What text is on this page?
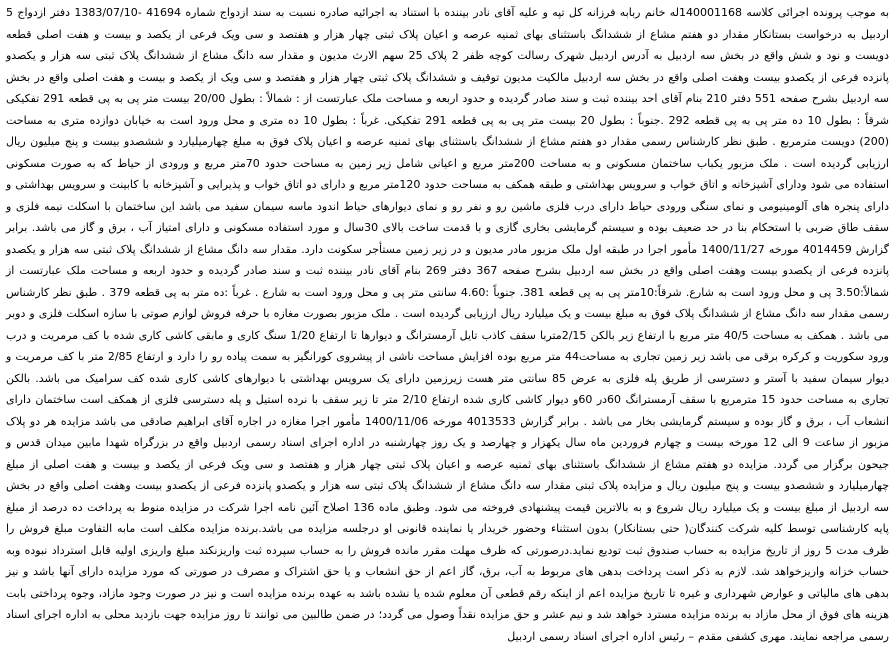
به موجب پرونده اجرائی کلاسه 140001168له خانم ربابه فرزانه کل تپه و علیه آقای نادر بیننده با استناد به اجرائیه صادره نسبت به سند ازدواج شماره 41694 -1383/07/10 دفتر ازدواج 5 اردبیل به درخواست بستانکار مقدار دو هفتم مشاع از ششدانگ باستثنای بهای ثمنیه عرصه و اعیان پلاک ثبتی چهار هزار و هفتصد و سی ویک فرعی از یکصد و بیست و هفت اصلی قطعه دویست و نود و شش واقع در بخش سه اردبیل به آدرس اردبیل شهرک رسالت کوچه ظفر 2 پلاک 25 سهم الارث مدیون و مقدار سه دانگ مشاع از ششدانگ پلاک ثبتی سه هزار و یکصدو پانزده فرعی از یکصدو بیست وهفت اصلی واقع در بخش سه اردبیل مالکیت مدیون توقیف و ششدانگ پلاک ثبتی چهار هزار و هفتصد و سی ویک از یکصد و بیست و هفت اصلی واقع در بخش سه اردبیل بشرح صفحه 551 دفتر 210 بنام آقای احد بیننده ثبت و سند صادر گردیده و حدود اربعه و مساحت ملک عبارتست از : شمالاً : بطول 20/00 بیست متر پی به پی قطعه 291 تفکیکی شرقاً : بطول 10 ده متر پی به پی قطعه 292 .جنوباً : بطول 20 بیست متر پی به پی قطعه 291 تفکیکی. غرباً : بطول 10 ده متری و محل ورود است به خیابان دوازده متری به مساحت (200) دویست مترمربع . طبق نظر کارشناس رسمی مقدار دو هفتم مشاع از ششدانگ باستثنای بهای ثمنیه عرصه و اعیان پلاک فوق به مبلغ چهارمیلیارد و ششصدو بیست و پنج میلیون ریال ارزیابی گردیده است . ملک مزبور یکباب ساختمان مسکونی و به مساحت 200متر مربع و اعیانی شامل زیر زمین به مساحت حدود 70متر مربع و ورودی از حیاط که به صورت مسکونی استفاده می شود ودارای آشپزخانه و اتاق خواب و سرویس بهداشتی و طبقه همکف به مساحت حدود 120متر مربع و دارای دو اتاق خواب و پذیرایی و آشپزخانه با کابینت و سرویس بهداشتی و دارای پنجره های آلومینیومی و نمای سنگی ورودی حیاط دارای درب فلزی ماشین رو و نفر رو و نمای دیوارهای حیاط اندود ماسه سیمان سفید می باشد این ساختمان با اسکلت نیمه فلزی و سقف طاق ضربی با استحکام بنا در حد ضعیف بوده و سیستم گرمایشی بخاری گازی و با قدمت ساخت بالای 30سال و مورد استفاده مسکونی و دارای امتیاز آب ، برق و گاز می باشد. برابر گزارش 4014459 مورخه 1400/11/27 مأمور اجرا در طبقه اول ملک مزبور مادر مدیون و در زیر زمین مستأجر سکونت دارد. مقدار سه دانگ مشاع از ششدانگ پلاک ثبتی سه هزار و یکصدو پانزده فرعی از یکصدو بیست وهفت اصلی واقع در بخش سه اردبیل بشرح صفحه 367 دفتر 269 بنام آقای نادر بیننده ثبت و سند صادر گردیده و حدود اربعه و مساحت ملک عبارتست از شمالاً:3.50 پی و محل ورود است به شارع. شرقاً:10متر پی به پی قطعه 381. جنوباً :4.60 سانتی متر پی و محل ورود است به شارع . غرباً :ده متر به پی قطعه 379 . طبق نظر کارشناس رسمی مقدار سه دانگ مشاع از ششدانگ پلاک فوق به مبلغ بیست و یک میلیارد ریال ارزیابی گردیده است . ملک مزبور بصورت مغازه با حرفه فروش لوازم صوتی با سازه اسکلت فلزی و دوبر می باشد . همکف به مساحت 40/5 متر مربع با ارتفاع زیر بالکن 2/15متربا سقف کاذب تایل آرمسترانگ و دیوارها تا ارتفاع 1/20 سنگ کاری و مابقی کاشی کاری شده با کف مرمریت و درب ورود سکوریت و کرکره برقی می باشد زیر زمین تجاری به مساحت44 متر مربع بوده افزایش مساحت ناشی از پیشروی کورانگیز به سمت پیاده رو را دارد و ارتفاع 2/85 متر با کف مرمریت و دیوار سیمان سفید با آستر و دسترسی از طریق پله فلزی به عرض 85 سانتی متر هست زیرزمین دارای یک سرویس بهداشتی با دیوارهای کاشی کاری شده کف سرامیک می باشد. بالکن تجاری به مساحت حدود 15 مترمربع با سقف آرمسترانگ 60در 60و دیوار کاشی کاری شده ارتفاع 2/10 متر تا زیر سقف با نرده استیل و پله دسترسی فلزی از همکف است ساختمان دارای انشعاب آب ، برق و گاز بوده و سیستم گرمایشی بخار می باشد . برابر گزارش 4013533 مورخه 1400/11/06 مأمور اجرا مغازه در اجاره آقای ابراهیم صادقی می باشد مزایده هر دو پلاک مزبور از ساعت 9 الی 12 مورخه بیست و چهارم فروردین ماه سال یکهزار و چهارصد و یک روز چهارشنبه در اداره اجرای اسناد رسمی اردبیل واقع در بزرگراه شهدا مابین میدان قدس و جیحون برگزار می گردد. مزایده دو هفتم مشاع از ششدانگ باستثنای بهای ثمنیه عرصه و اعیان پلاک ثبتی چهار هزار و هفتصد و سی ویک فرعی از یکصد و بیست و هفت اصلی از مبلغ چهارمیلیارد و ششصدو بیست و پنج میلیون ریال و مزایده پلاک ثبتی مقدار سه دانگ مشاع از ششدانگ پلاک ثبتی سه هزار و یکصدو پانزده فرعی از یکصدو بیست وهفت اصلی واقع در بخش سه اردبیل از مبلغ بیست و یک میلیارد ریال شروع و به بالاترین قیمت پیشنهادی فروخته می شود. وطبق ماده 136 اصلاح آئین نامه اجرا شرکت در مزایده منوط به پرداخت ده درصد از مبلغ پایه کارشناسی توسط کلیه شرکت کنندگان( حتی بستانکار) بدون استثناء وحضور خریدار یا نماینده قانونی او درجلسه مزایده می باشد.برنده مزایده مکلف است مابه التفاوت مبلغ فروش را ظرف مدت 5 روز از تاریخ مزایده به حساب صندوق ثبت تودیع نماید.درصورتی که ظرف مهلت مقرر مانده فروش را به حساب سپرده ثبت واریزنکند مبلغ واریزی اولیه قابل استرداد نبوده وبه حساب خزانه واریزخواهد شد. لازم به ذکر است پرداخت بدهی های مربوط به آب، برق، گاز اعم از حق انشعاب و یا حق اشتراک و مصرف در صورتی که مورد مزایده دارای آنها باشد و نیز بدهی های مالیاتی و عوارض شهرداری و غیره تا تاریخ مزایده اعم از اینکه رقم قطعی آن معلوم شده یا نشده باشد به عهده برنده مزایده است و نیز در صورت وجود مازاد، وجوه پرداختی بابت هزینه های فوق از محل مازاد به برنده مزایده مسترد خواهد شد و نیم عشر و حق مزایده نقداً وصول می گردد؛ در ضمن طالبین می توانند تا روز مزایده جهت بازدید محلی به اداره اجرای اسناد رسمی مراجعه نمایند. مهری کشفی مقدم – رئیس اداره اجرای اسناد رسمی اردبیل
